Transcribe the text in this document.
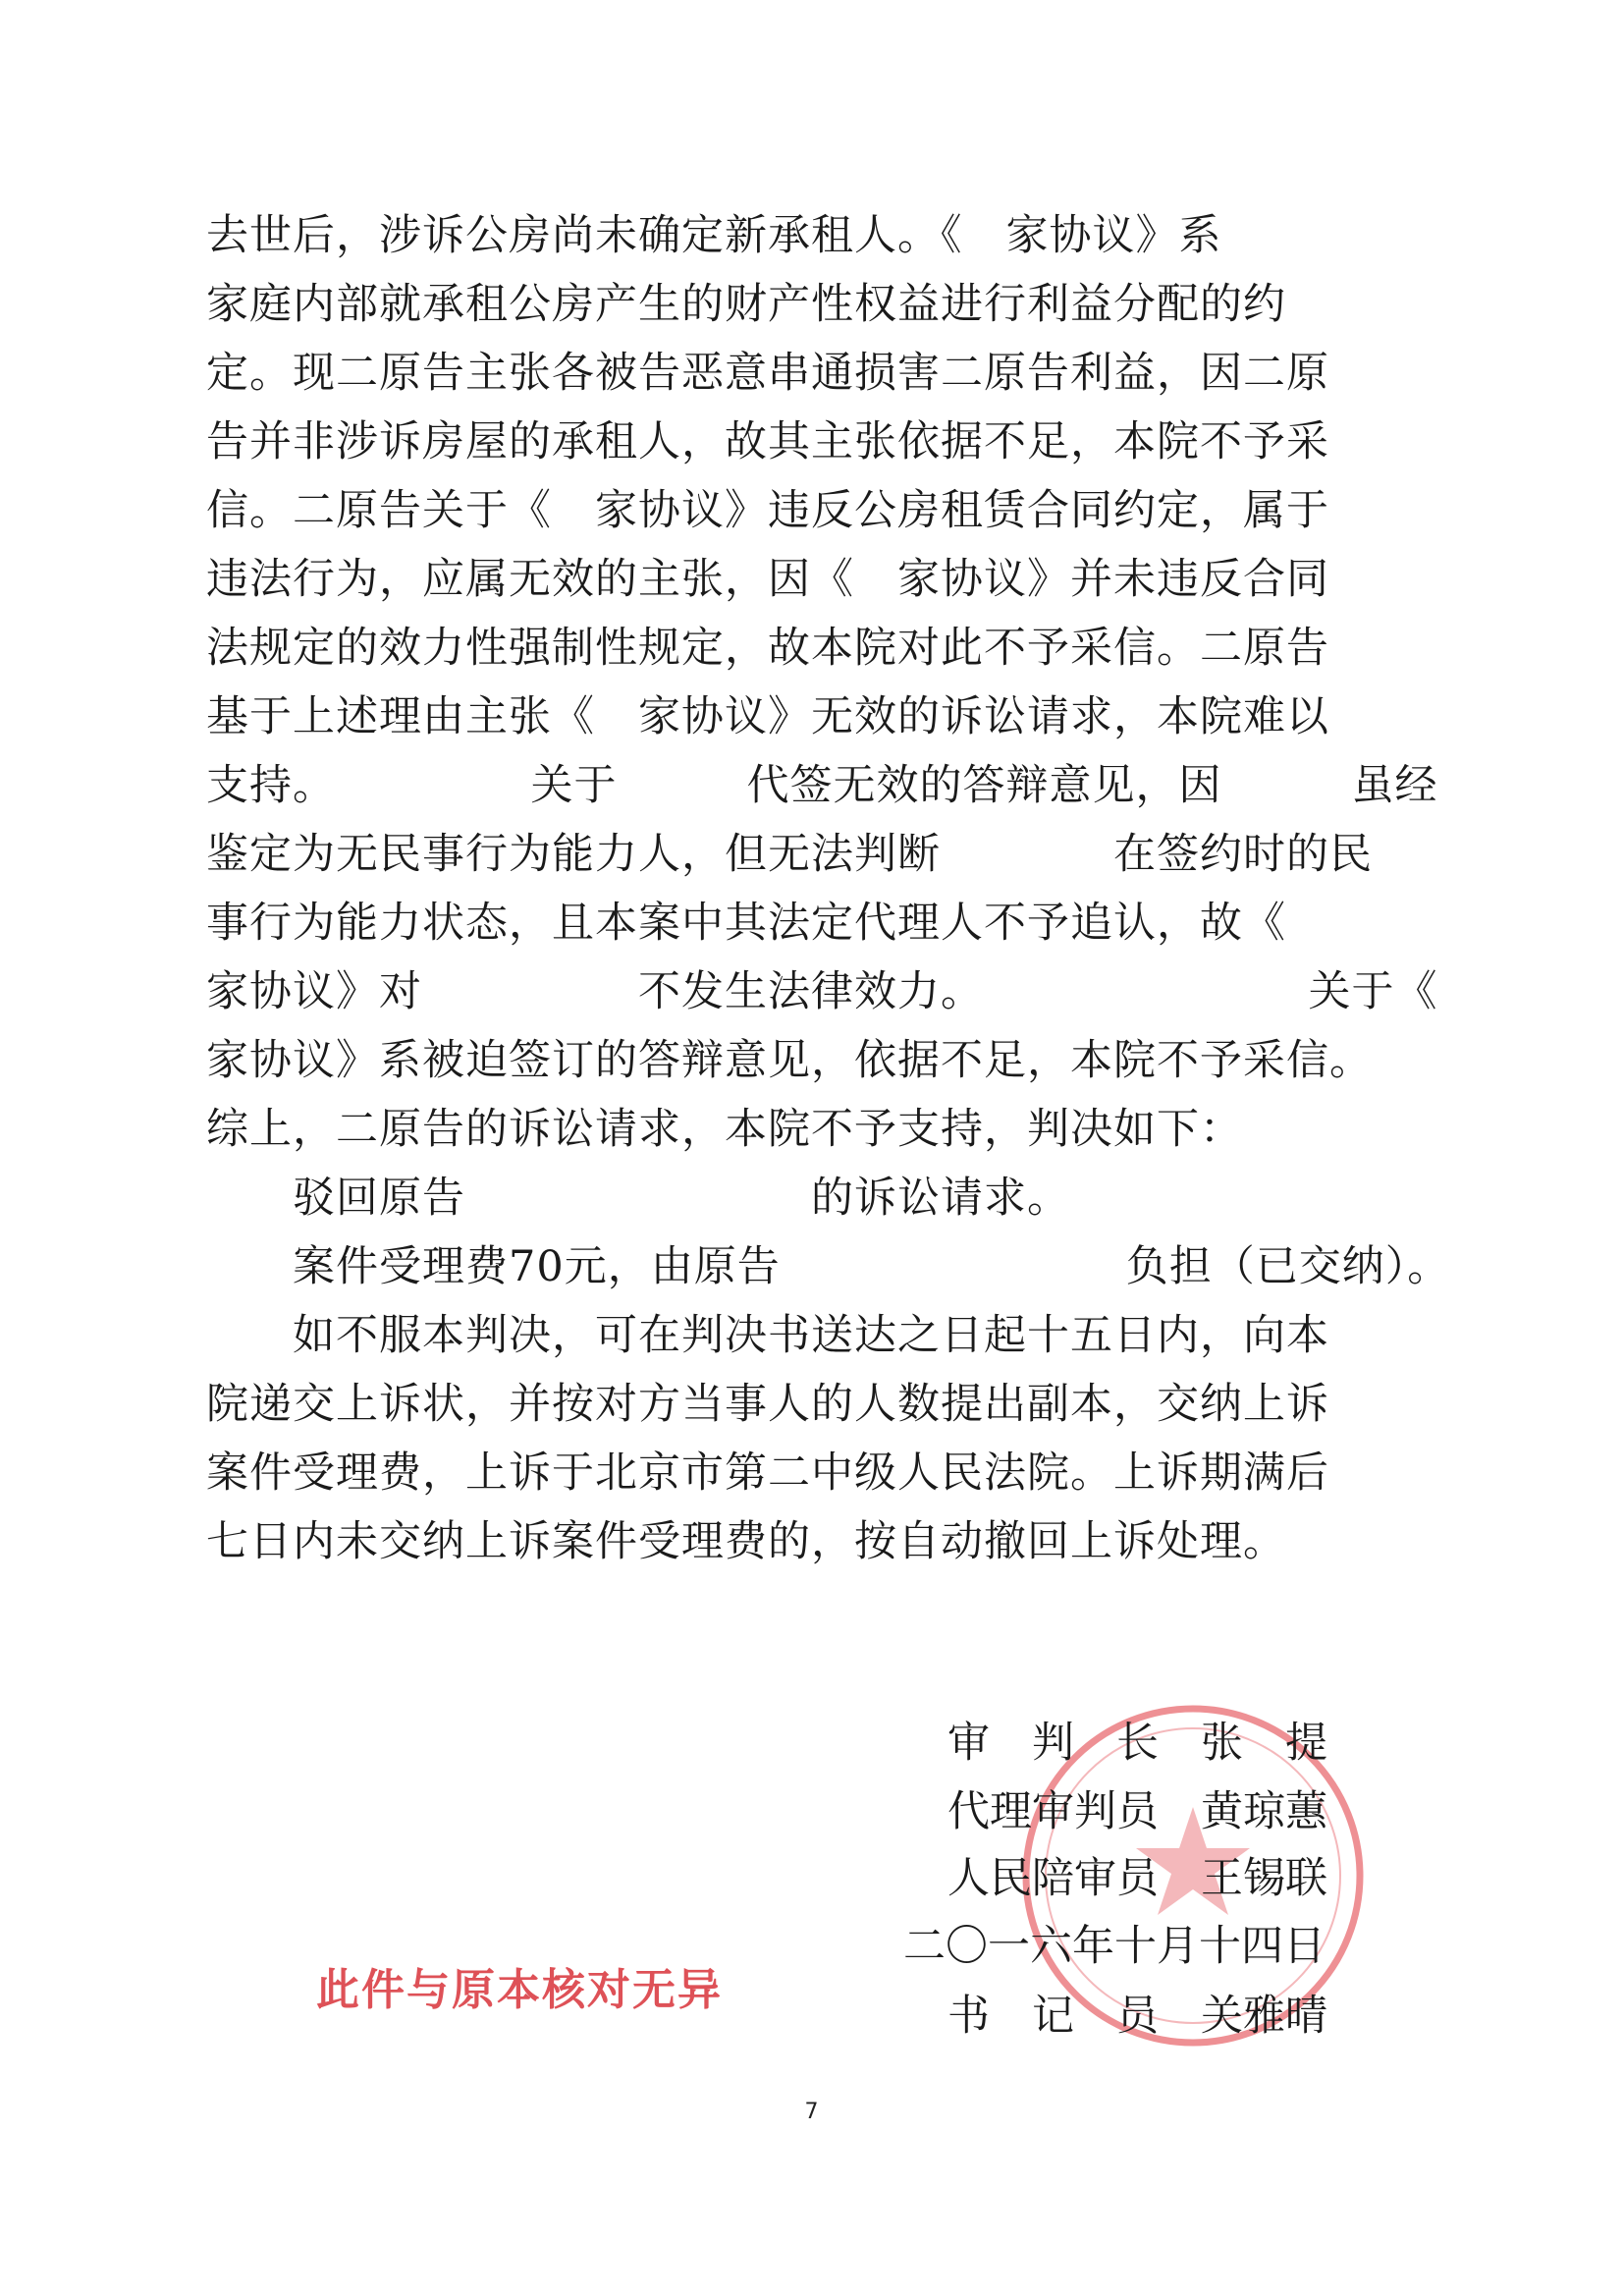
去世后，涉诉公房尚未确定新承租人。《　家协议》系
家庭内部就承租公房产生的财产性权益进行利益分配的约
定。现二原告主张各被告恶意串通损害二原告利益，因二原
告并非涉诉房屋的承租人，故其主张依据不足，本院不予采
信。二原告关于《　家协议》违反公房租赁合同约定，属于
违法行为，应属无效的主张，因《　家协议》并未违反合同
法规定的效力性强制性规定，故本院对此不予采信。二原告
基于上述理由主张《　家协议》无效的诉讼请求，本院难以
支持。　　　　　关于　　　代签无效的答辩意见，因　　　虽经
鉴定为无民事行为能力人，但无法判断　　　　在签约时的民
事行为能力状态，且本案中其法定代理人不予追认，故《
家协议》对　　　　　不发生法律效力。　　　　　　　　关于《
家协议》系被迫签订的答辩意见，依据不足，本院不予采信。
综上，二原告的诉讼请求，本院不予支持，判决如下：
　　驳回原告　　　　　　　　的诉讼请求。
　　案件受理费70元，由原告　　　　　　　　负担（已交纳）。
　　如不服本判决，可在判决书送达之日起十五日内，向本
院递交上诉状，并按对方当事人的人数提出副本，交纳上诉
案件受理费，上诉于北京市第二中级人民法院。上诉期满后
七日内未交纳上诉案件受理费的，按自动撤回上诉处理。
审　判　长　张　提
代理审判员　黄琼蕙
人民陪审员　王锡联
二〇一六年十月十四日
书　记　员　关雅晴
此件与原本核对无异
7
